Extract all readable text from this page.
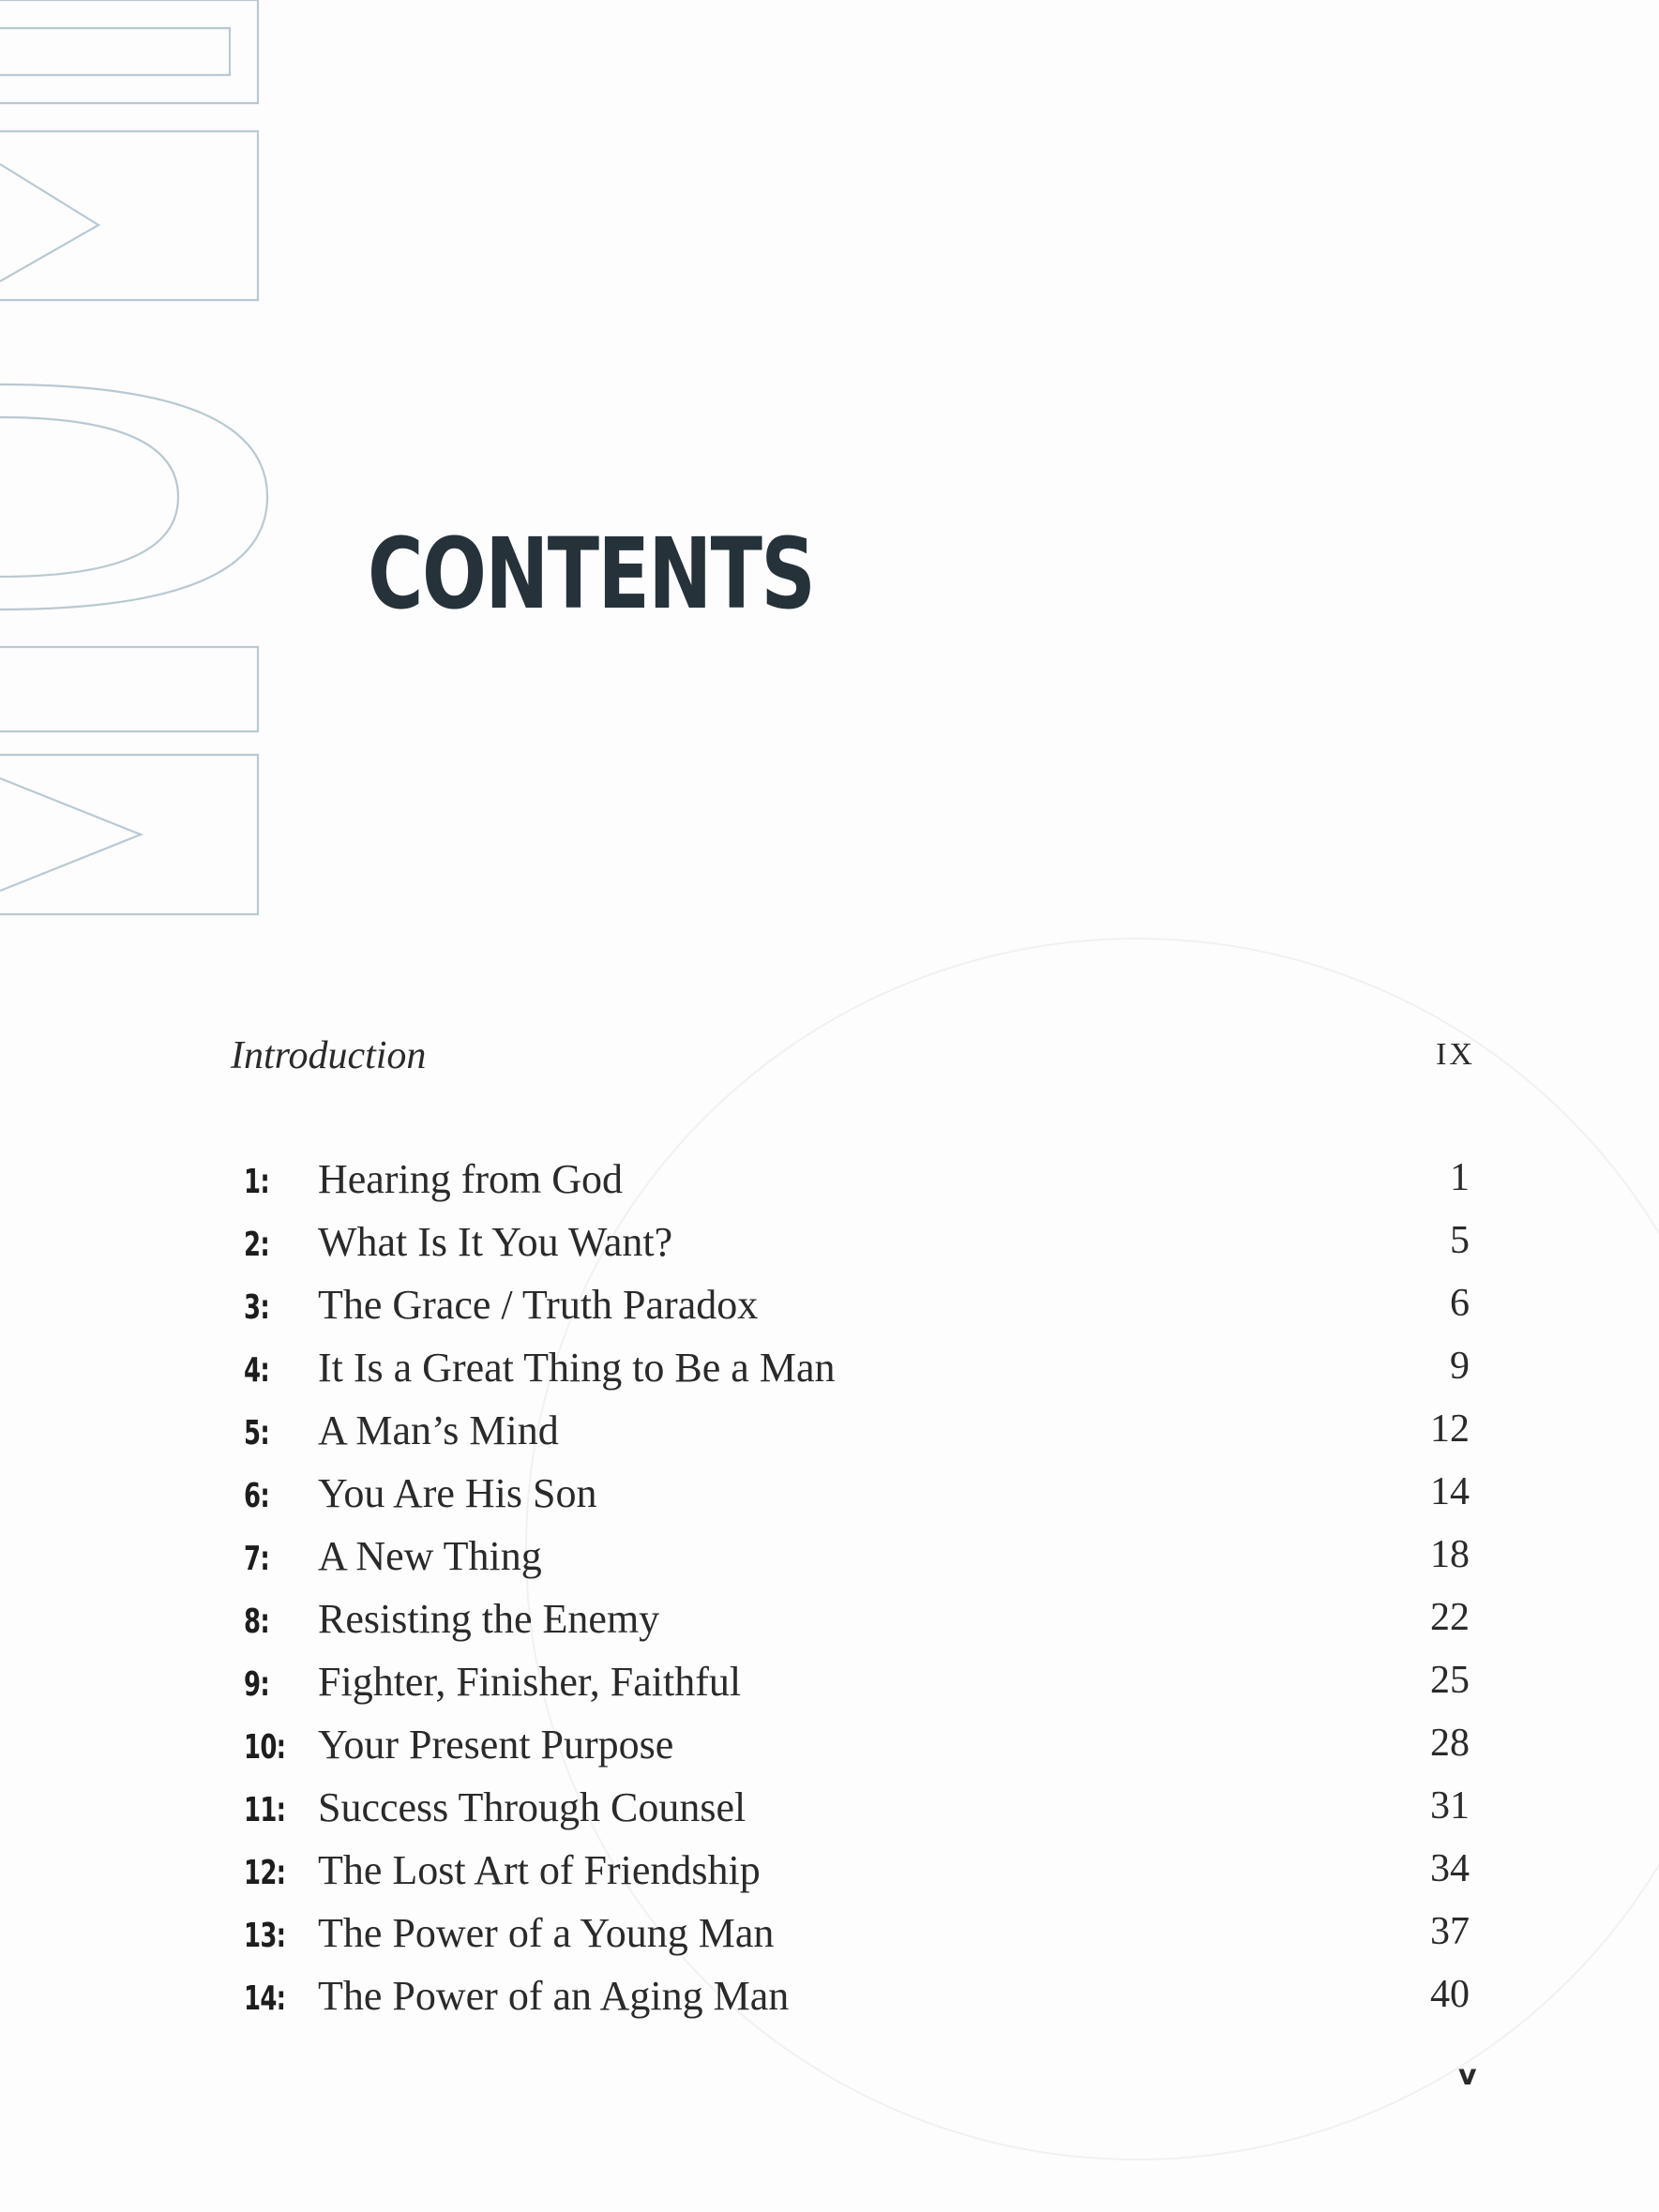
CONTENTS
Introduction	IX
1:	Hearing from God	1
2:	What Is It You Want?	5
3:	The Grace / Truth Paradox	6
4:	It Is a Great Thing to Be a Man	9
5:	A Man’s Mind	12
6:	You Are His Son	14
7:	A New Thing	18
8:	Resisting the Enemy	22
9:	Fighter, Finisher, Faithful	25
10: Your Present Purpose	28
11: Success Through Counsel	31
12: The Lost Art of Friendship	34
13: The Power of a Young Man	37
14: The Power of an Aging Man	40
v
